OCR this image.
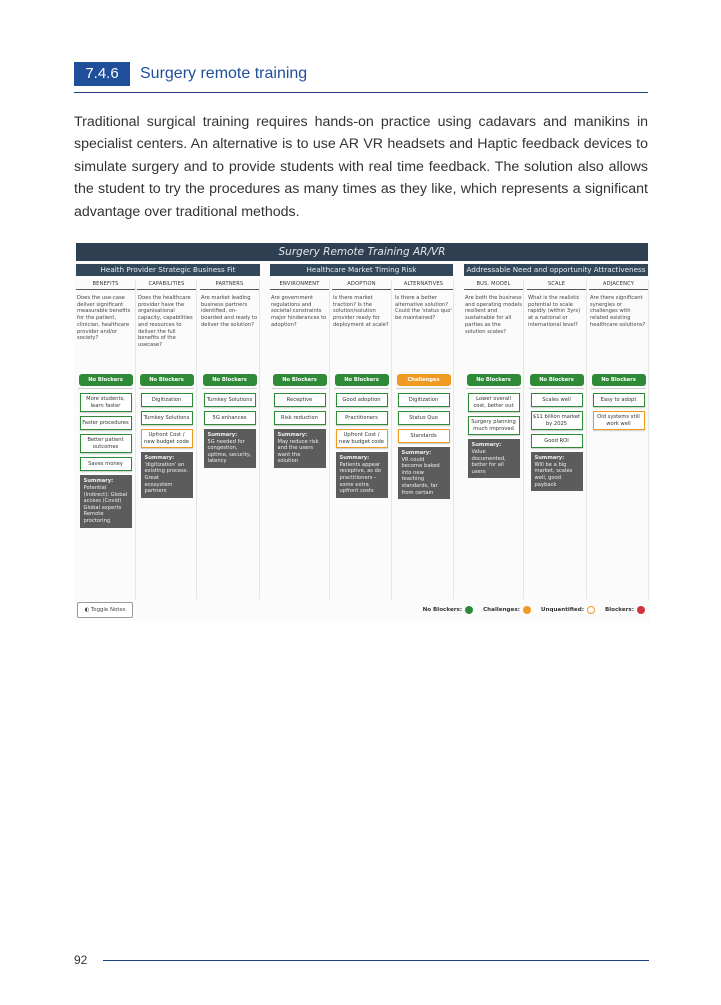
7.4.6	Surgery remote training

Traditional surgical training requires hands-on practice using cadavars and manikins in specialist centers. An alternative is to use AR VR headsets and Haptic feedback devices to simulate surgery and to provide students with real time feedback. The solution also allows the student to try the procedures as many times as they like, which represents a significant advantage over traditional methods.

Surgery Remote Training AR/VR
Health Provider Strategic Business Fit	Healthcare Market Timing Risk	Addressable Need and opportunity Attractiveness
BENEFITS
Does the use-case deliver significant measurable benefits for the patient, clinician, healthcare provider and/or society?
No Blockers
More students, learn faster
Faster procedures
Better patient outcomes
Saves money
Summary:
Potential (Indirect): Global access (Covid) Global experts Remote proctoring
CAPABILITIES
Does the healthcare provider have the organisational capacity, capabilities and resources to deliver the full benefits of the usecase?
No Blockers
Digitization
Turnkey Solutions
Upfront Cost / new budget code
Summary:
'digitization' an existing process. Great ecosystem partners
PARTNERS
Are market leading business partners identified, on-boarded and ready to deliver the solution?
No Blockers
Turnkey Solutions
5G enhances
Summary:
5G needed for congestion, uptime, security, latency
ENVIRONMENT
Are government regulations and societal constraints major hinderances to adoption?
No Blockers
Receptive
Risk reduction
Summary:
May reduce risk and the users want the solution
ADOPTION
Is there market traction? Is the solution/solution provider ready for deployment at scale?
No Blockers
Good adoption
Practitioners
Upfront Cost / new budget code
Summary:
Patients appear receptive, as do practitioners – some extra upfront costs
ALTERNATIVES
Is there a better alternative solution? Could the 'status quo' be maintained?
Challenges
Digitization
Status Quo
Standards
Summary:
VR could become baked into new teaching standards, far from certain
BUS. MODEL
Are both the business and operating models resilient and sustainable for all parties as the solution scales?
No Blockers
Lower overall cost, better out
Surgery planning much improved
Summary:
Value documented, better for all users
SCALE
What is the realistic potential to scale rapidly (within 3yrs) at a national or international level?
No Blockers
Scales well
$11 billion market by 2025
Good ROI
Summary:
Will be a big market, scales well, good payback
ADJACENCY
Are there significant synergies or challenges with related existing healthcare solutions?
No Blockers
Easy to adopt
Old systems still work well
◐ Toggle Notes	No Blockers:	Challenges:	Unquantified:	Blockers:
92
